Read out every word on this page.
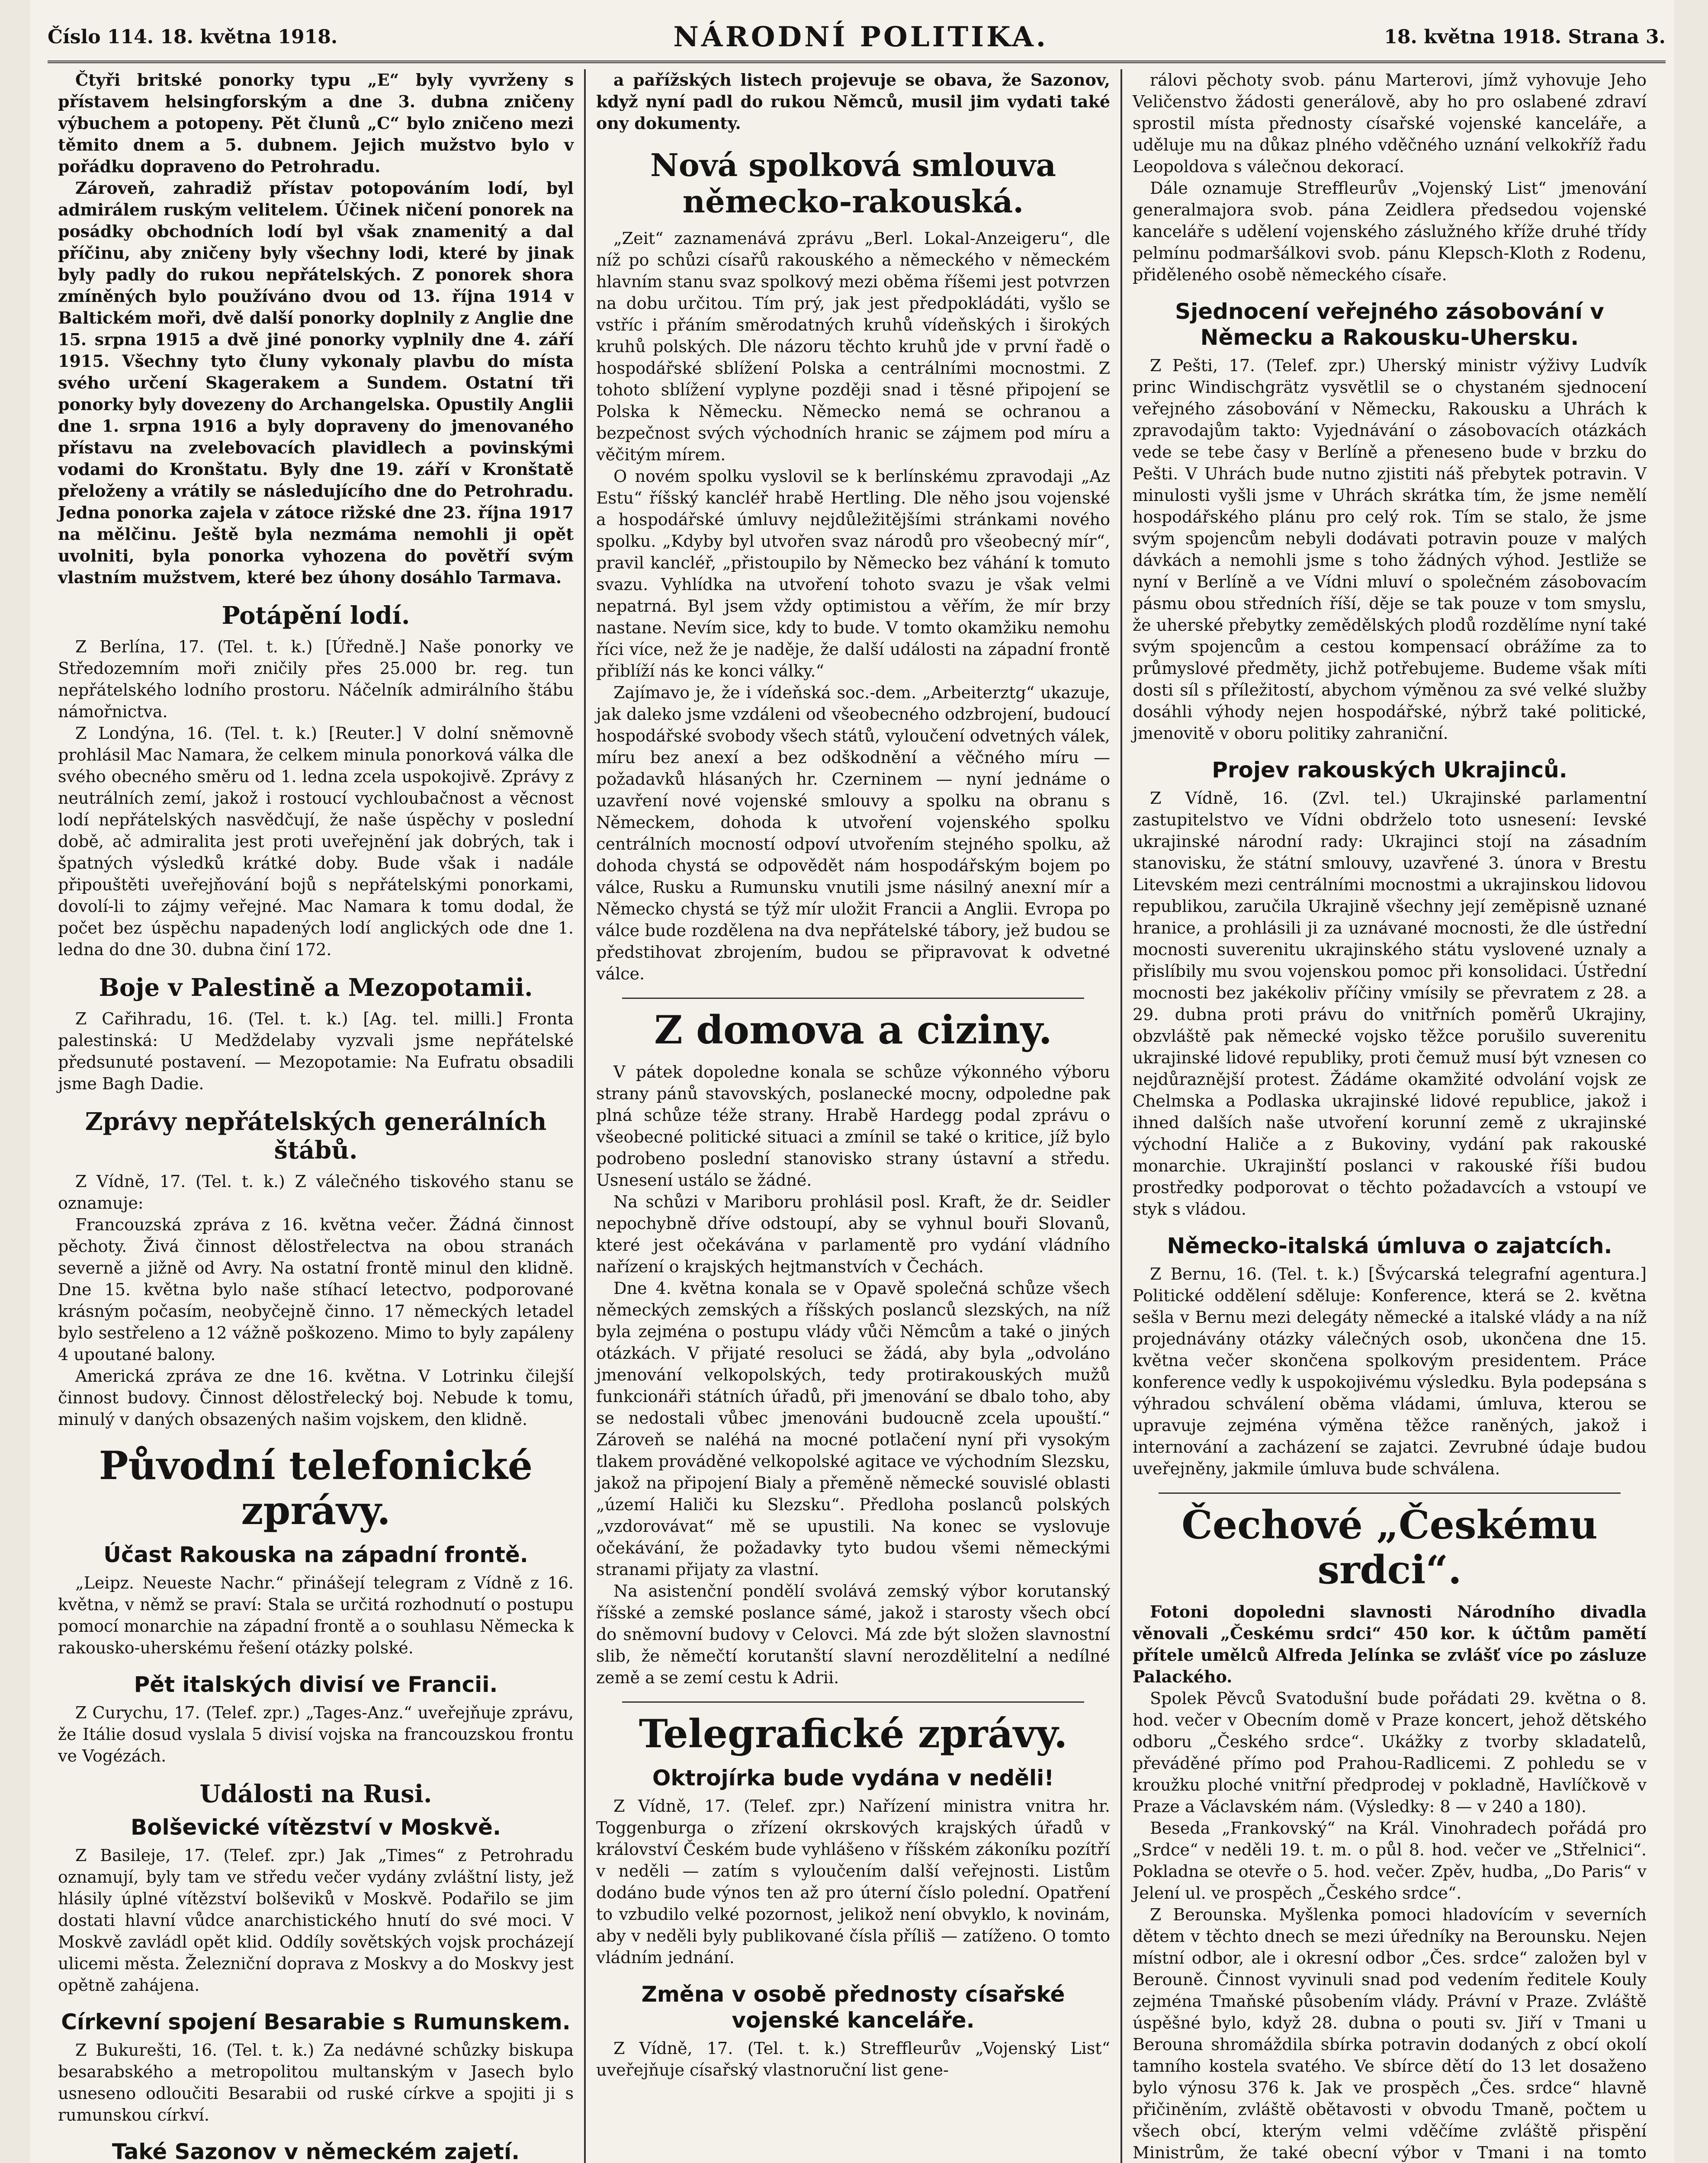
Číslo 114. 18. května 1918.	NÁRODNÍ POLITIKA.	18. května 1918. Strana 3.

Čtyři britské ponorky typu „E“ byly vyvrženy s přístavem helsingforským a dne 3. dubna zničeny výbuchem a potopeny. Pět člunů „C“ bylo zničeno mezi těmito dnem a 5. dubnem. Jejich mužstvo bylo v pořádku dopraveno do Petrohradu.

Zároveň, zahradiž přístav potopováním lodí, byl admirálem ruským velitelem. Účinek ničení ponorek na posádky obchodních lodí byl však znamenitý a dal příčinu, aby zničeny byly všechny lodi, které by jinak byly padly do rukou nepřátelských. Z ponorek shora zmíněných bylo používáno dvou od 13. října 1914 v Baltickém moři, dvě další ponorky doplnily z Anglie dne 15. srpna 1915 a dvě jiné ponorky vyplnily dne 4. září 1915. Všechny tyto čluny vykonaly plavbu do místa svého určení Skagerakem a Sundem. Ostatní tři ponorky byly dovezeny do Archangelska. Opustily Anglii dne 1. srpna 1916 a byly dopraveny do jmenovaného přístavu na zvelebovacích plavidlech a povinskými vodami do Kronštatu. Byly dne 19. září v Kronštatě přeloženy a vrátily se následujícího dne do Petrohradu. Jedna ponorka zajela v zátoce rižské dne 23. října 1917 na mělčinu. Ještě byla nezmáma nemohli ji opět uvolniti, byla ponorka vyhozena do povětří svým vlastním mužstvem, které bez úhony dosáhlo Tarmava.

Potápění lodí.

Z Berlína, 17. (Tel. t. k.) [Úředně.] Naše ponorky ve Středozemním moři zničily přes 25.000 br. reg. tun nepřátelského lodního prostoru. Náčelník admirálního štábu námořnictva.

Z Londýna, 16. (Tel. t. k.) [Reuter.] V dolní sněmovně prohlásil Mac Namara, že celkem minula ponorková válka dle svého obecného směru od 1. ledna zcela uspokojivě. Zprávy z neutrálních zemí, jakož i rostoucí vychloubačnost a věcnost lodí nepřátelských nasvědčují, že naše úspěchy v poslední době, ač admiralita jest proti uveřejnění jak dobrých, tak i špatných výsledků krátké doby. Bude však i nadále připouštěti uveřejňování bojů s nepřátelskými ponorkami, dovolí-li to zájmy veřejné. Mac Namara k tomu dodal, že počet bez úspěchu napadených lodí anglických ode dne 1. ledna do dne 30. dubna činí 172.

Boje v Palestině a Mezopotamii.

Z Cařihradu, 16. (Tel. t. k.) [Ag. tel. milli.] Fronta palestinská: U Medždelaby vyzvali jsme nepřátelské předsunuté postavení. — Mezopotamie: Na Eufratu obsadili jsme Bagh Dadie.

Zprávy nepřátelských generálních štábů.

Z Vídně, 17. (Tel. t. k.) Z válečného tiskového stanu se oznamuje:

Francouzská zpráva z 16. května večer. Žádná činnost pěchoty. Živá činnost dělostřelectva na obou stranách severně a jižně od Avry. Na ostatní frontě minul den klidně. Dne 15. května bylo naše stíhací letectvo, podporované krásným počasím, neobyčejně činno. 17 německých letadel bylo sestřeleno a 12 vážně poškozeno. Mimo to byly zapáleny 4 upoutané balony.

Americká zpráva ze dne 16. května. V Lotrinku čilejší činnost budovy. Činnost dělostřelecký boj. Nebude k tomu, minulý v daných obsazených našim vojskem, den klidně.

Původní telefonické zprávy.
Účast Rakouska na západní frontě.

„Leipz. Neueste Nachr.“ přinášejí telegram z Vídně z 16. května, v němž se praví: Stala se určitá rozhodnutí o postupu pomocí monarchie na západní frontě a o souhlasu Německa k rakousko-uherskému řešení otázky polské.

Pět italských divisí ve Francii.

Z Curychu, 17. (Telef. zpr.) „Tages-Anz.“ uveřejňuje zprávu, že Itálie dosud vyslala 5 divisí vojska na francouzskou frontu ve Vogézách.

Události na Rusi.
Bolševické vítězství v Moskvě.

Z Basileje, 17. (Telef. zpr.) Jak „Times“ z Petrohradu oznamují, byly tam ve středu večer vydány zvláštní listy, jež hlásily úplné vítězství bolševiků v Moskvě. Podařilo se jim dostati hlavní vůdce anarchistického hnutí do své moci. V Moskvě zavládl opět klid. Oddíly sovětských vojsk procházejí ulicemi města. Železniční doprava z Moskvy a do Moskvy jest opětně zahájena.

Církevní spojení Besarabie s Rumunskem.

Z Bukurešti, 16. (Tel. t. k.) Za nedávné schůzky biskupa besarabského a metropolitou multanským v Jasech bylo usneseno odloučiti Besarabii od ruské církve a spojiti ji s rumunskou církví.

Také Sazonov v německém zajetí.

a pařížských listech projevuje se obava, že Sazonov, když nyní padl do rukou Němců, musil jim vydati také ony dokumenty.

Nová spolková smlouva německo-rakouská.

„Zeit“ zaznamenává zprávu „Berl. Lokal-Anzeigeru“, dle níž po schůzi císařů rakouského a německého v německém hlavním stanu svaz spolkový mezi oběma říšemi jest potvrzen na dobu určitou. Tím prý, jak jest předpokládáti, vyšlo se vstříc i přáním směrodatných kruhů vídeňských i širokých kruhů polských. Dle názoru těchto kruhů jde v první řadě o hospodářské sblížení Polska a centrálními mocnostmi. Z tohoto sblížení vyplyne později snad i těsné připojení se Polska k Německu. Německo nemá se ochranou a bezpečnost svých východních hranic se zájmem pod míru a věčitým mírem.

O novém spolku vyslovil se k berlínskému zpravodaji „Az Estu“ říšský kancléř hrabě Hertling. Dle něho jsou vojenské a hospodářské úmluvy nejdůležitějšími stránkami nového spolku. „Kdyby byl utvořen svaz národů pro všeobecný mír“, pravil kancléř, „přistoupilo by Německo bez váhání k tomuto svazu. Vyhlídka na utvoření tohoto svazu je však velmi nepatrná. Byl jsem vždy optimistou a věřím, že mír brzy nastane. Nevím sice, kdy to bude. V tomto okamžiku nemohu říci více, než že je naděje, že další události na západní frontě přiblíží nás ke konci války.“

Zajímavo je, že i vídeňská soc.-dem. „Arbeiterztg“ ukazuje, jak daleko jsme vzdáleni od všeobecného odzbrojení, budoucí hospodářské svobody všech států, vyloučení odvetných válek, míru bez anexí a bez odškodnění a věčného míru — požadavků hlásaných hr. Czerninem — nyní jednáme o uzavření nové vojenské smlouvy a spolku na obranu s Německem, dohoda k utvoření vojenského spolku centrálních mocností odpoví utvořením stejného spolku, až dohoda chystá se odpovědět nám hospodářským bojem po válce, Rusku a Rumunsku vnutili jsme násilný anexní mír a Německo chystá se týž mír uložit Francii a Anglii. Evropa po válce bude rozdělena na dva nepřátelské tábory, jež budou se předstihovat zbrojením, budou se připravovat k odvetné válce.

Z domova a ciziny.

V pátek dopoledne konala se schůze výkonného výboru strany pánů stavovských, poslanecké mocny, odpoledne pak plná schůze téže strany. Hrabě Hardegg podal zprávu o všeobecné politické situaci a zmínil se také o kritice, jíž bylo podrobeno poslední stanovisko strany ústavní a středu. Usnesení ustálo se žádné.

Na schůzi v Mariboru prohlásil posl. Kraft, že dr. Seidler nepochybně dříve odstoupí, aby se vyhnul bouři Slovanů, které jest očekávána v parlamentě pro vydání vládního nařízení o krajských hejtmanstvích v Čechách.

Dne 4. května konala se v Opavě společná schůze všech německých zemských a říšských poslanců slezských, na níž byla zejména o postupu vlády vůči Němcům a také o jiných otázkách. V přijaté resoluci se žádá, aby byla „odvoláno jmenování velkopolských, tedy protirakouských mužů funkcionáři státních úřadů, při jmenování se dbalo toho, aby se nedostali vůbec jmenováni budoucně zcela upouští.“ Zároveň se naléhá na mocné potlačení nyní při vysokým tlakem prováděné velkopolské agitace ve východním Slezsku, jakož na připojení Bialy a přeměně německé souvislé oblasti „území Haliči ku Slezsku“. Předloha poslanců polských „vzdorovávat“ mě se upustili. Na konec se vyslovuje očekávání, že požadavky tyto budou všemi německými stranami přijaty za vlastní.

Na asistenční pondělí svolává zemský výbor korutanský říšské a zemské poslance sámé, jakož i starosty všech obcí do sněmovní budovy v Celovci. Má zde být složen slavnostní slib, že němečtí korutanští slavní nerozdělitelní a nedílné země a se zemí cestu k Adrii.

Telegrafické zprávy.
Oktrojírka bude vydána v neděli!

Z Vídně, 17. (Telef. zpr.) Nařízení ministra vnitra hr. Toggenburga o zřízení okrskových krajských úřadů v království Českém bude vyhlášeno v říšském zákoníku pozítří v neděli — zatím s vyloučením další veřejnosti. Listům dodáno bude výnos ten až pro úterní číslo polední. Opatření to vzbudilo velké pozornost, jelikož není obvyklo, k novinám, aby v neděli byly publikované čísla příliš — zatíženo. O tomto vládním jednání.

Změna v osobě přednosty císařské vojenské kanceláře.

Z Vídně, 17. (Tel. t. k.) Streffleurův „Vojenský List“ uveřejňuje císařský vlastnoruční list gene-

rálovi pěchoty svob. pánu Marterovi, jímž vyhovuje Jeho Veličenstvo žádosti generálově, aby ho pro oslabené zdraví sprostil místa přednosty císařské vojenské kanceláře, a uděluje mu na důkaz plného vděčného uznání velkokříž řadu Leopoldova s válečnou dekorací.

Dále oznamuje Streffleurův „Vojenský List“ jmenování generalmajora svob. pána Zeidlera předsedou vojenské kanceláře s udělení vojenského záslužného kříže druhé třídy pelmínu podmaršálkovi svob. pánu Klepsch-Kloth z Rodenu, přiděleného osobě německého císaře.

Sjednocení veřejného zásobování v Německu a Rakousku-Uhersku.

Z Pešti, 17. (Telef. zpr.) Uherský ministr výživy Ludvík princ Windischgrätz vysvětlil se o chystaném sjednocení veřejného zásobování v Německu, Rakousku a Uhrách k zpravodajům takto: Vyjednávání o zásobovacích otázkách vede se tebe časy v Berlíně a přeneseno bude v brzku do Pešti. V Uhrách bude nutno zjistiti náš přebytek potravin. V minulosti vyšli jsme v Uhrách skrátka tím, že jsme nemělí hospodářského plánu pro celý rok. Tím se stalo, že jsme svým spojencům nebyli dodávati potravin pouze v malých dávkách a nemohli jsme s toho žádných výhod. Jestliže se nyní v Berlíně a ve Vídni mluví o společném zásobovacím pásmu obou středních říší, děje se tak pouze v tom smyslu, že uherské přebytky zemědělských plodů rozdělíme nyní také svým spojencům a cestou kompensací obrážíme za to průmyslové předměty, jichž potřebujeme. Budeme však míti dosti síl s příležitostí, abychom výměnou za své velké služby dosáhli výhody nejen hospodářské, nýbrž také politické, jmenovitě v oboru politiky zahraniční.

Projev rakouských Ukrajinců.

Z Vídně, 16. (Zvl. tel.) Ukrajinské parlamentní zastupitelstvo ve Vídni obdrželo toto usnesení: Ievské ukrajinské národní rady: Ukrajinci stojí na zásadním stanovisku, že státní smlouvy, uzavřené 3. února v Brestu Litevském mezi centrálními mocnostmi a ukrajinskou lidovou republikou, zaručila Ukrajině všechny její zeměpisně uznané hranice, a prohlásili ji za uznávané mocnosti, že dle ústřední mocnosti suverenitu ukrajinského státu vyslovené uznaly a přislíbily mu svou vojenskou pomoc při konsolidaci. Ústřední mocnosti bez jakékoliv příčiny vmísily se převratem z 28. a 29. dubna proti právu do vnitřních poměrů Ukrajiny, obzvláště pak německé vojsko těžce porušilo suverenitu ukrajinské lidové republiky, proti čemuž musí být vznesen co nejdůraznější protest. Žádáme okamžité odvolání vojsk ze Chelmska a Podlaska ukrajinské lidové republice, jakož i ihned dalších naše utvoření korunní země z ukrajinské východní Haliče a z Bukoviny, vydání pak rakouské monarchie. Ukrajinští poslanci v rakouské říši budou prostředky podporovat o těchto požadavcích a vstoupí ve styk s vládou.

Německo-italská úmluva o zajatcích.

Z Bernu, 16. (Tel. t. k.) [Švýcarská telegrafní agentura.] Politické oddělení sděluje: Konference, která se 2. května sešla v Bernu mezi delegáty německé a italské vlády a na níž projednávány otázky válečných osob, ukončena dne 15. května večer skončena spolkovým presidentem. Práce konference vedly k uspokojivému výsledku. Byla podepsána s výhradou schválení oběma vládami, úmluva, kterou se upravuje zejména výměna těžce raněných, jakož i internování a zacházení se zajatci. Zevrubné údaje budou uveřejněny, jakmile úmluva bude schválena.

Čechové „Českému srdci“.

Fotoni dopoledni slavnosti Národního divadla věnovali „Českému srdci“ 450 kor. k účtům pamětí přítele umělců Alfreda Jelínka se zvlášť více po zásluze Palackého.

Spolek Pěvců Svatodušní bude pořádati 29. května o 8. hod. večer v Obecním domě v Praze koncert, jehož dětského odboru „Českého srdce“. Ukážky z tvorby skladatelů, převáděné přímo pod Prahou-Radlicemi. Z pohledu se v kroužku ploché vnitřní předprodej v pokladně, Havlíčkově v Praze a Václavském nám. (Výsledky: 8 — v 240 a 180).

Beseda „Frankovský“ na Král. Vinohradech pořádá pro „Srdce“ v neděli 19. t. m. o půl 8. hod. večer ve „Střelnici“. Pokladna se otevře o 5. hod. večer. Zpěv, hudba, „Do Paris“ v Jelení ul. ve prospěch „Českého srdce“.

Z Berounska. Myšlenka pomoci hladovícím v severních dětem v těchto dnech se mezi úředníky na Berounsku. Nejen místní odbor, ale i okresní odbor „Čes. srdce“ založen byl v Berouně. Činnost vyvinuli snad pod vedením ředitele Kouly zejména Tmaňské působením vlády. Právní v Praze. Zvláště úspěšné bylo, když 28. dubna o pouti sv. Jiří v Tmani u Berouna shromáždila sbírka potravin dodaných z obcí okolí tamního kostela svatého. Ve sbírce dětí do 13 let dosaženo bylo výnosu 376 k. Jak ve prospěch „Čes. srdce“ hlavně přičiněním, zvláště obětavosti v obvodu Tmaně, počtem u všech obcí, kterým velmi vděčíme zvláště přispění Ministrům, že také obecní výbor v Tmani i na tomto
